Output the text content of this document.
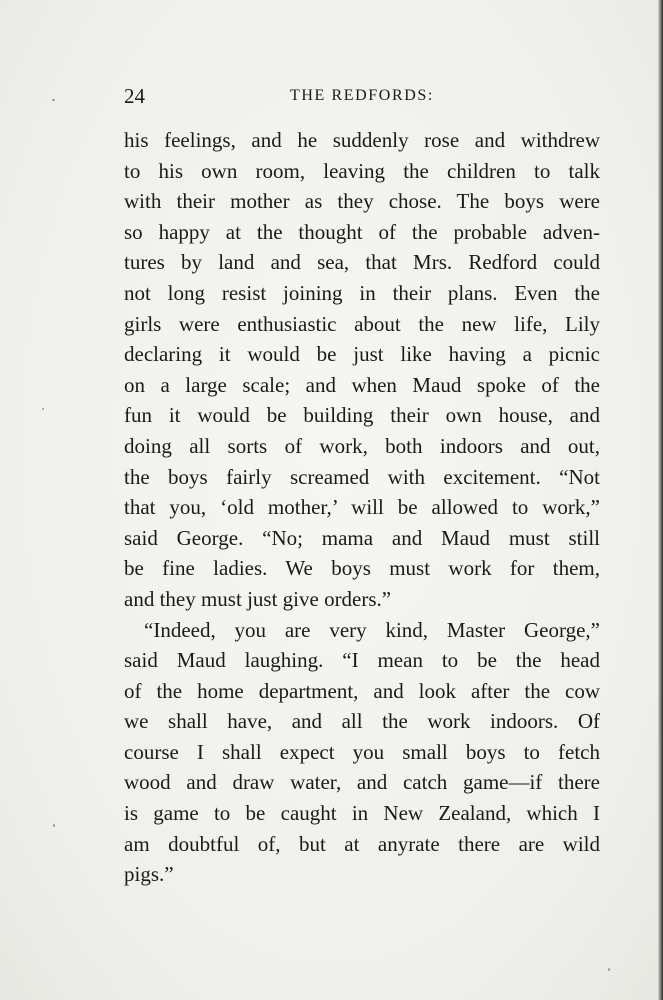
24	THE REDFORDS:
his feelings, and he suddenly rose and withdrew
to his own room, leaving the children to talk
with their mother as they chose. The boys were
so happy at the thought of the probable adven-
tures by land and sea, that Mrs. Redford could
not long resist joining in their plans. Even the
girls were enthusiastic about the new life, Lily
declaring it would be just like having a picnic
on a large scale; and when Maud spoke of the
fun it would be building their own house, and
doing all sorts of work, both indoors and out,
the boys fairly screamed with excitement. “Not
that you, ‘old mother,’ will be allowed to work,”
said George. “No; mama and Maud must still
be fine ladies. We boys must work for them,
and they must just give orders.”
“Indeed, you are very kind, Master George,”
said Maud laughing. “I mean to be the head
of the home department, and look after the cow
we shall have, and all the work indoors. Of
course I shall expect you small boys to fetch
wood and draw water, and catch game—if there
is game to be caught in New Zealand, which I
am doubtful of, but at anyrate there are wild
pigs.”
